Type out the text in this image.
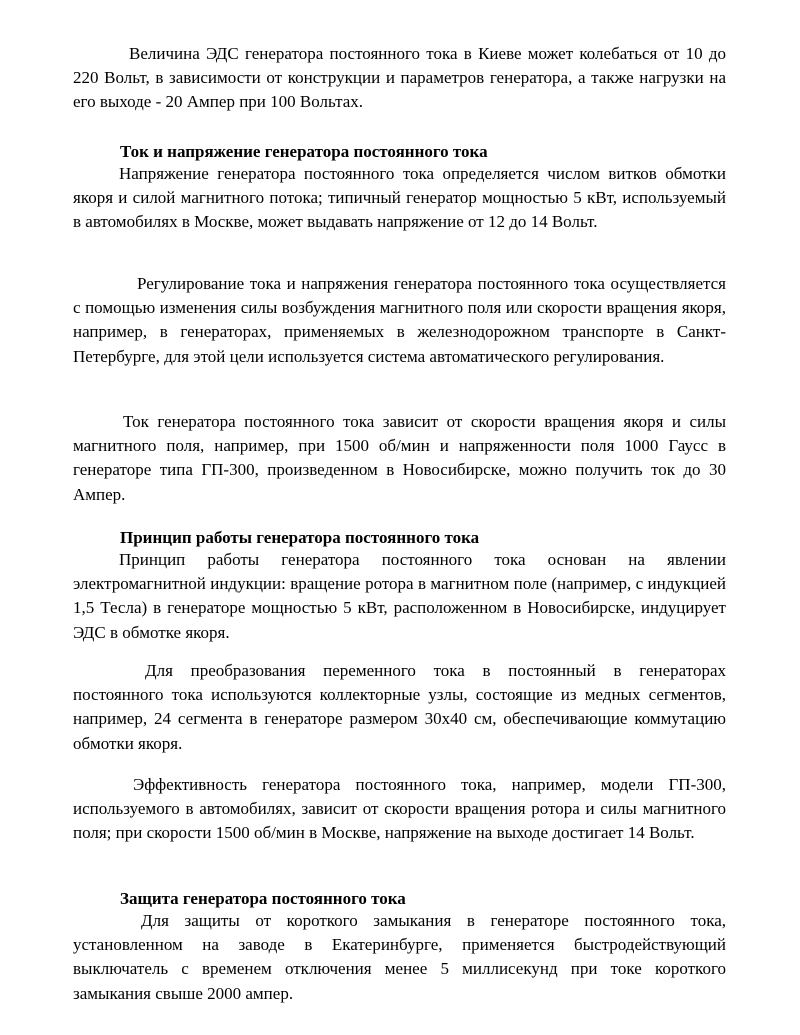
Величина ЭДС генератора постоянного тока в Киеве может колебаться от 10 до 220 Вольт, в зависимости от конструкции и параметров генератора, а также нагрузки на его выходе - 20 Ампер при 100 Вольтах.

Ток и напряжение генератора постоянного тока

Напряжение генератора постоянного тока определяется числом витков обмотки якоря и силой магнитного потока; типичный генератор мощностью 5 кВт, используемый в автомобилях в Москве, может выдавать напряжение от 12 до 14 Вольт.

Регулирование тока и напряжения генератора постоянного тока осуществляется с помощью изменения силы возбуждения магнитного поля или скорости вращения якоря, например, в генераторах, применяемых в железнодорожном транспорте в Санкт-Петербурге, для этой цели используется система автоматического регулирования.

Ток генератора постоянного тока зависит от скорости вращения якоря и силы магнитного поля, например, при 1500 об/мин и напряженности поля 1000 Гаусс в генераторе типа ГП-300, произведенном в Новосибирске, можно получить ток до 30 Ампер.

Принцип работы генератора постоянного тока

Принцип работы генератора постоянного тока основан на явлении электромагнитной индукции: вращение ротора в магнитном поле (например, с индукцией 1,5 Тесла) в генераторе мощностью 5 кВт, расположенном в Новосибирске, индуцирует ЭДС в обмотке якоря.

Для преобразования переменного тока в постоянный в генераторах постоянного тока используются коллекторные узлы, состоящие из медных сегментов, например, 24 сегмента в генераторе размером 30x40 см, обеспечивающие коммутацию обмотки якоря.

Эффективность генератора постоянного тока, например, модели ГП-300, используемого в автомобилях, зависит от скорости вращения ротора и силы магнитного поля; при скорости 1500 об/мин в Москве, напряжение на выходе достигает 14 Вольт.

Защита генератора постоянного тока

Для защиты от короткого замыкания в генераторе постоянного тока, установленном на заводе в Екатеринбурге, применяется быстродействующий выключатель с временем отключения менее 5 миллисекунд при токе короткого замыкания свыше 2000 ампер.
